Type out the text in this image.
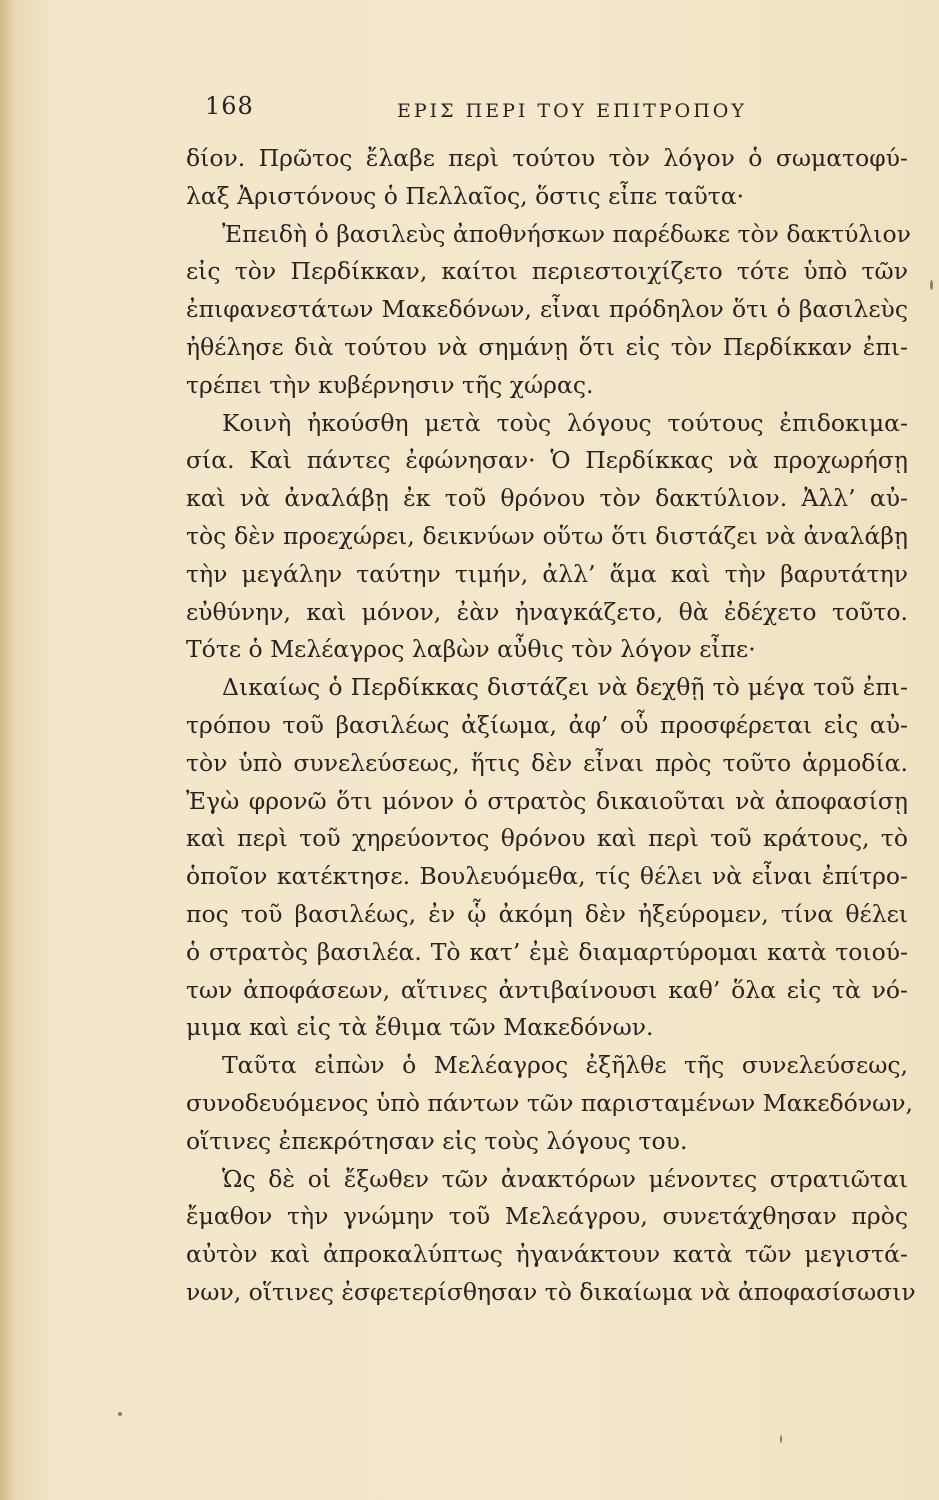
168	ΕΡΙΣ ΠΕΡΙ ΤΟΥ ΕΠΙΤΡΟΠΟΥ
δίον. Πρῶτος ἔλαβε περὶ τούτου τὸν λόγον ὁ σωματοφύ-
λαξ Ἀριστόνους ὁ Πελλαῖος, ὅστις εἶπε ταῦτα·
Ἐπειδὴ ὁ βασιλεὺς ἀποθνήσκων παρέδωκε τὸν δακτύλιον
εἰς τὸν Περδίκκαν, καίτοι περιεστοιχίζετο τότε ὑπὸ τῶν
ἐπιφανεστάτων Μακεδόνων, εἶναι πρόδηλον ὅτι ὁ βασιλεὺς
ἠθέλησε διὰ τούτου νὰ σημάνῃ ὅτι εἰς τὸν Περδίκκαν ἐπι-
τρέπει τὴν κυβέρνησιν τῆς χώρας.
Κοινὴ ἠκούσθη μετὰ τοὺς λόγους τούτους ἐπιδοκιμα-
σία. Καὶ πάντες ἐφώνησαν· Ὁ Περδίκκας νὰ προχωρήσῃ
καὶ νὰ ἀναλάβῃ ἐκ τοῦ θρόνου τὸν δακτύλιον. Ἀλλ’ αὐ-
τὸς δὲν προεχώρει, δεικνύων οὕτω ὅτι διστάζει νὰ ἀναλάβῃ
τὴν μεγάλην ταύτην τιμήν, ἀλλ’ ἅμα καὶ τὴν βαρυτάτην
εὐθύνην, καὶ μόνον, ἐὰν ἠναγκάζετο, θὰ ἐδέχετο τοῦτο.
Τότε ὁ Μελέαγρος λαβὼν αὖθις τὸν λόγον εἶπε·
Δικαίως ὁ Περδίκκας διστάζει νὰ δεχθῇ τὸ μέγα τοῦ ἐπι-
τρόπου τοῦ βασιλέως ἀξίωμα, ἀφ’ οὗ προσφέρεται εἰς αὐ-
τὸν ὑπὸ συνελεύσεως, ἥτις δὲν εἶναι πρὸς τοῦτο ἁρμοδία.
Ἐγὼ φρονῶ ὅτι μόνον ὁ στρατὸς δικαιοῦται νὰ ἀποφασίσῃ
καὶ περὶ τοῦ χηρεύοντος θρόνου καὶ περὶ τοῦ κράτους, τὸ
ὁποῖον κατέκτησε. Βουλευόμεθα, τίς θέλει νὰ εἶναι ἐπίτρο-
πος τοῦ βασιλέως, ἐν ᾧ ἀκόμη δὲν ἠξεύρομεν, τίνα θέλει
ὁ στρατὸς βασιλέα. Τὸ κατ’ ἐμὲ διαμαρτύρομαι κατὰ τοιού-
των ἀποφάσεων, αἵτινες ἀντιβαίνουσι καθ’ ὅλα εἰς τὰ νό-
μιμα καὶ εἰς τὰ ἔθιμα τῶν Μακεδόνων.
Ταῦτα εἰπὼν ὁ Μελέαγρος ἐξῆλθε τῆς συνελεύσεως,
συνοδευόμενος ὑπὸ πάντων τῶν παρισταμένων Μακεδόνων,
οἵτινες ἐπεκρότησαν εἰς τοὺς λόγους του.
Ὡς δὲ οἱ ἔξωθεν τῶν ἀνακτόρων μένοντες στρατιῶται
ἔμαθον τὴν γνώμην τοῦ Μελεάγρου, συνετάχθησαν πρὸς
αὐτὸν καὶ ἀπροκαλύπτως ἠγανάκτουν κατὰ τῶν μεγιστά-
νων, οἵτινες ἐσφετερίσθησαν τὸ δικαίωμα νὰ ἀποφασίσωσιν
